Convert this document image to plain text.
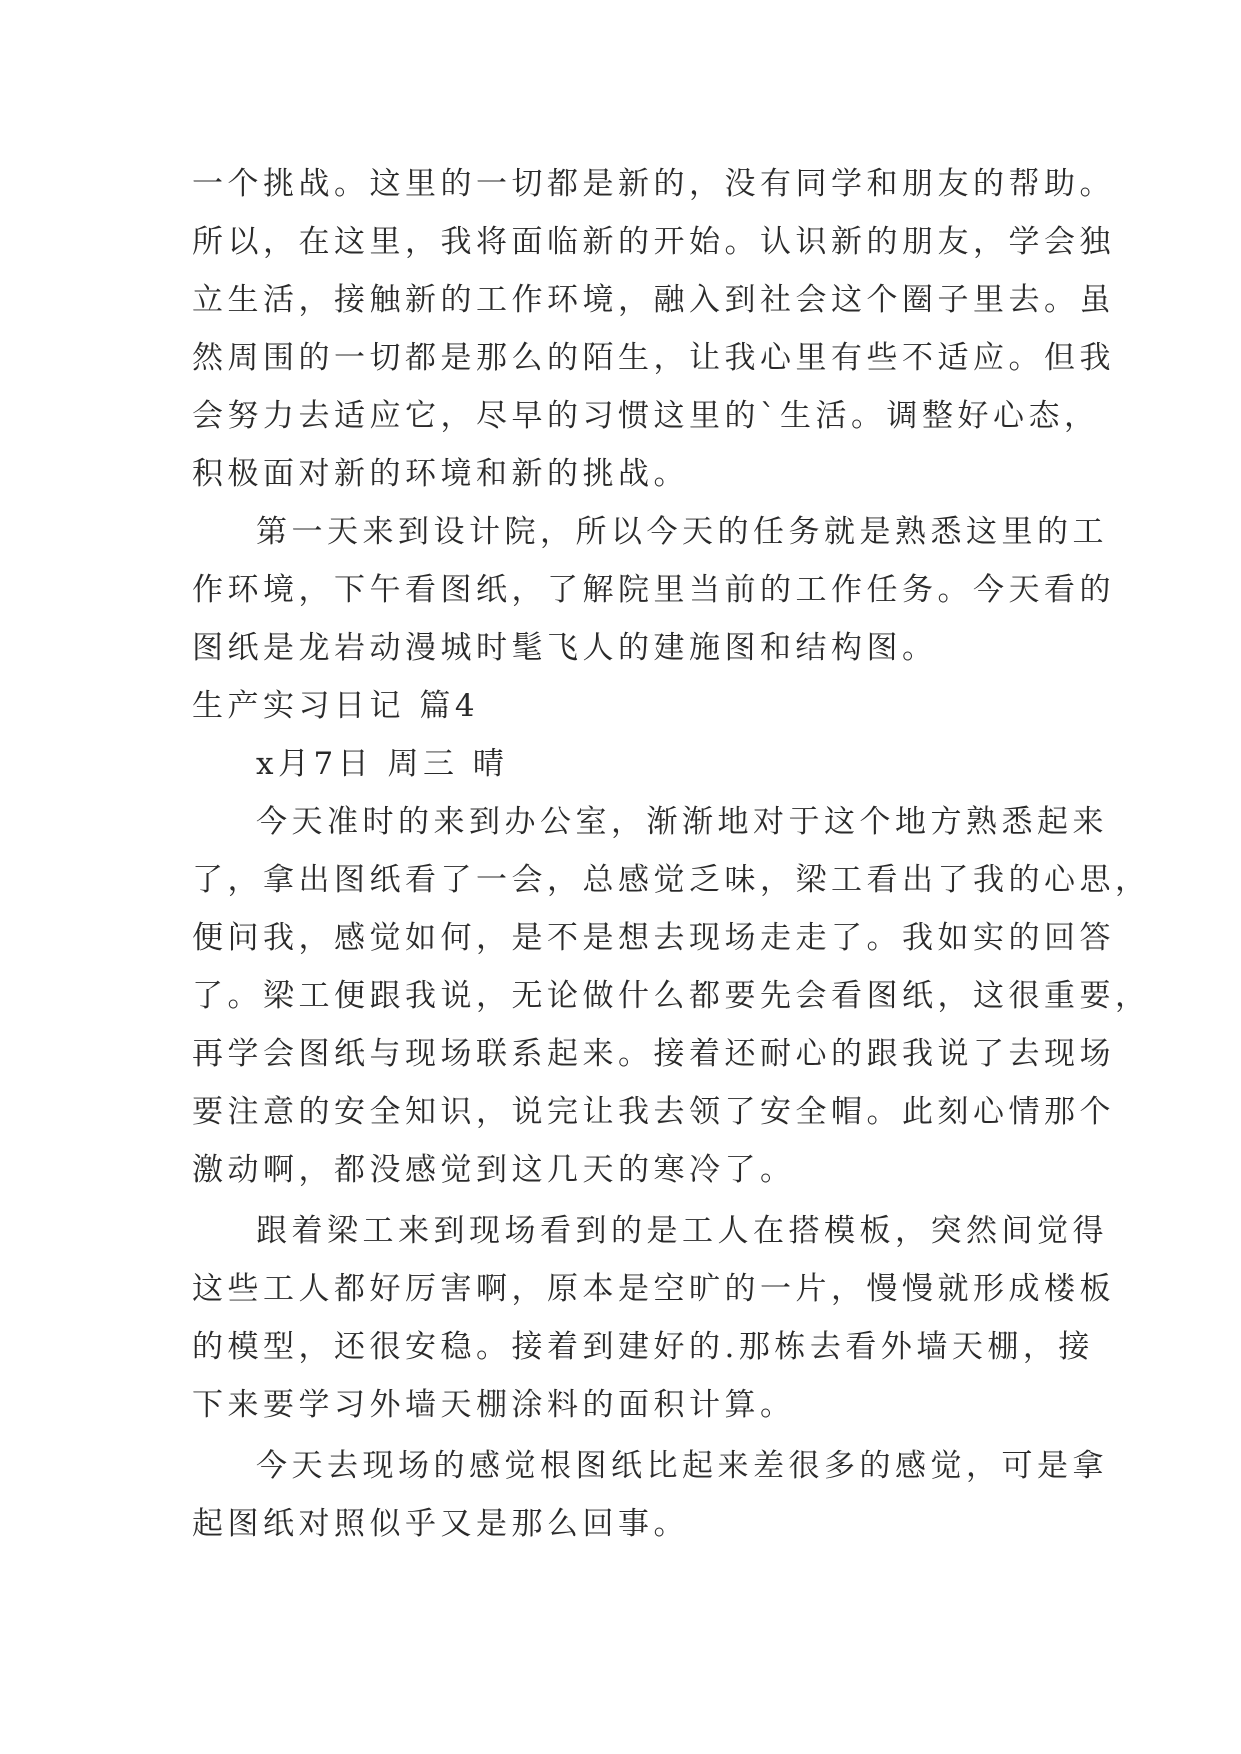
一个挑战。这里的一切都是新的，没有同学和朋友的帮助。
所以，在这里，我将面临新的开始。认识新的朋友，学会独
立生活，接触新的工作环境，融入到社会这个圈子里去。虽
然周围的一切都是那么的陌生，让我心里有些不适应。但我
会努力去适应它，尽早的习惯这里的`生活。调整好心态，
积极面对新的环境和新的挑战。
第一天来到设计院，所以今天的任务就是熟悉这里的工
作环境，下午看图纸，了解院里当前的工作任务。今天看的
图纸是龙岩动漫城时髦飞人的建施图和结构图。
生产实习日记 篇4
x月7日 周三 晴
今天准时的来到办公室，渐渐地对于这个地方熟悉起来
了，拿出图纸看了一会，总感觉乏味，梁工看出了我的心思，
便问我，感觉如何，是不是想去现场走走了。我如实的回答
了。梁工便跟我说，无论做什么都要先会看图纸，这很重要，
再学会图纸与现场联系起来。接着还耐心的跟我说了去现场
要注意的安全知识，说完让我去领了安全帽。此刻心情那个
激动啊，都没感觉到这几天的寒冷了。
跟着梁工来到现场看到的是工人在搭模板，突然间觉得
这些工人都好厉害啊，原本是空旷的一片，慢慢就形成楼板
的模型，还很安稳。接着到建好的.那栋去看外墙天棚，接
下来要学习外墙天棚涂料的面积计算。
今天去现场的感觉根图纸比起来差很多的感觉，可是拿
起图纸对照似乎又是那么回事。
